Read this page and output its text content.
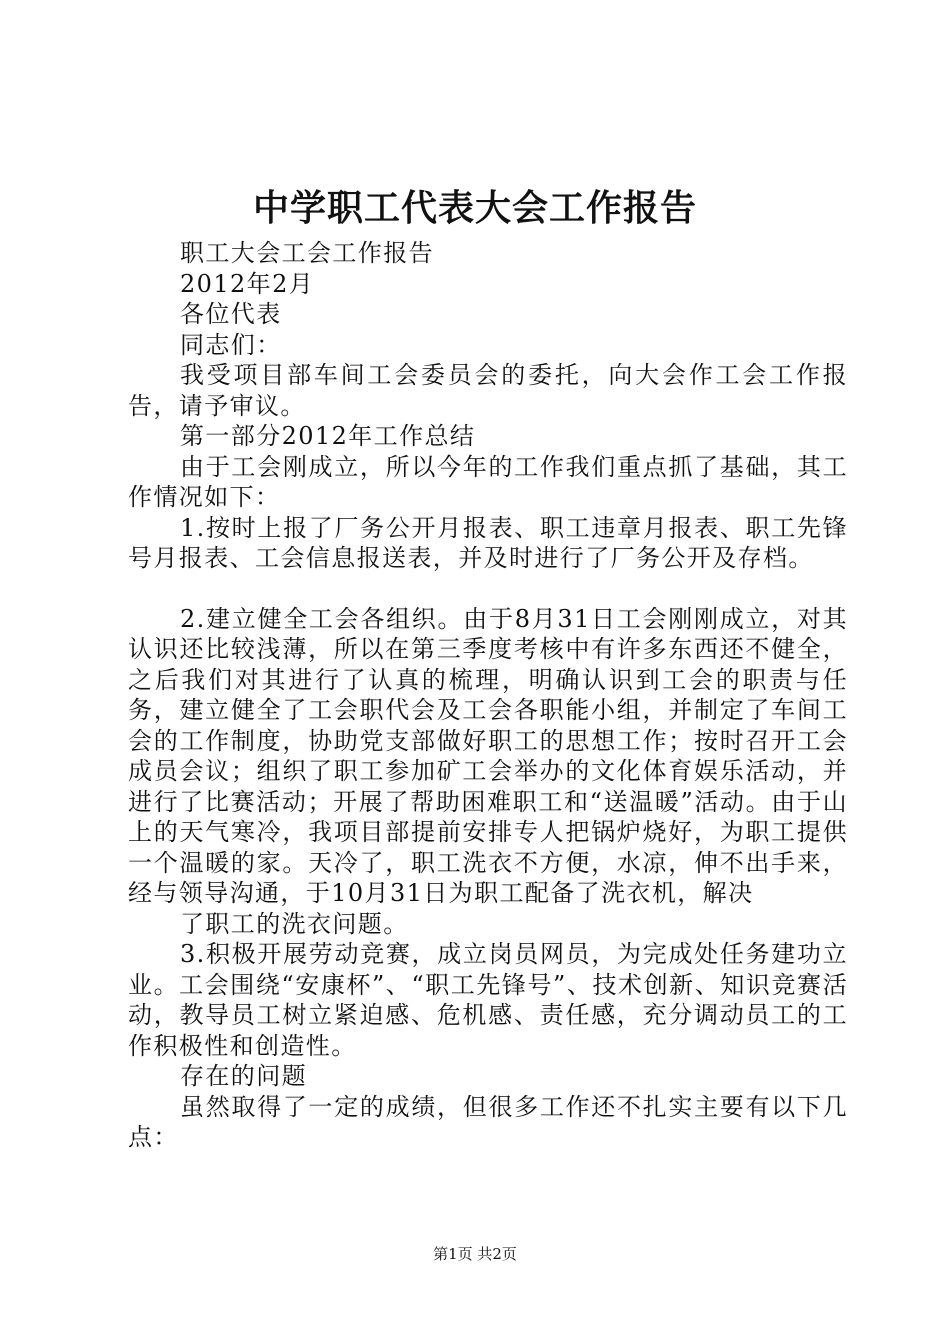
中学职工代表大会工作报告

职工大会工会工作报告

2012年2月

各位代表

同志们：

我受项目部车间工会委员会的委托，向大会作工会工作报告，请予审议。

第一部分2012年工作总结

由于工会刚成立，所以今年的工作我们重点抓了基础，其工作情况如下：

1.按时上报了厂务公开月报表、职工违章月报表、职工先锋号月报表、工会信息报送表，并及时进行了厂务公开及存档。

2.建立健全工会各组织。由于8月31日工会刚刚成立，对其认识还比较浅薄，所以在第三季度考核中有许多东西还不健全，之后我们对其进行了认真的梳理，明确认识到工会的职责与任务，建立健全了工会职代会及工会各职能小组，并制定了车间工会的工作制度，协助党支部做好职工的思想工作；按时召开工会成员会议；组织了职工参加矿工会举办的文化体育娱乐活动，并进行了比赛活动；开展了帮助困难职工和“送温暖”活动。由于山上的天气寒冷，我项目部提前安排专人把锅炉烧好，为职工提供一个温暖的家。天冷了，职工洗衣不方便，水凉，伸不出手来，经与领导沟通，于10月31日为职工配备了洗衣机，解决

了职工的洗衣问题。

3.积极开展劳动竞赛，成立岗员网员，为完成处任务建功立业。工会围绕“安康杯”、“职工先锋号”、技术创新、知识竞赛活动，教导员工树立紧迫感、危机感、责任感，充分调动员工的工作积极性和创造性。

存在的问题

虽然取得了一定的成绩，但很多工作还不扎实主要有以下几点：

第1页 共2页
